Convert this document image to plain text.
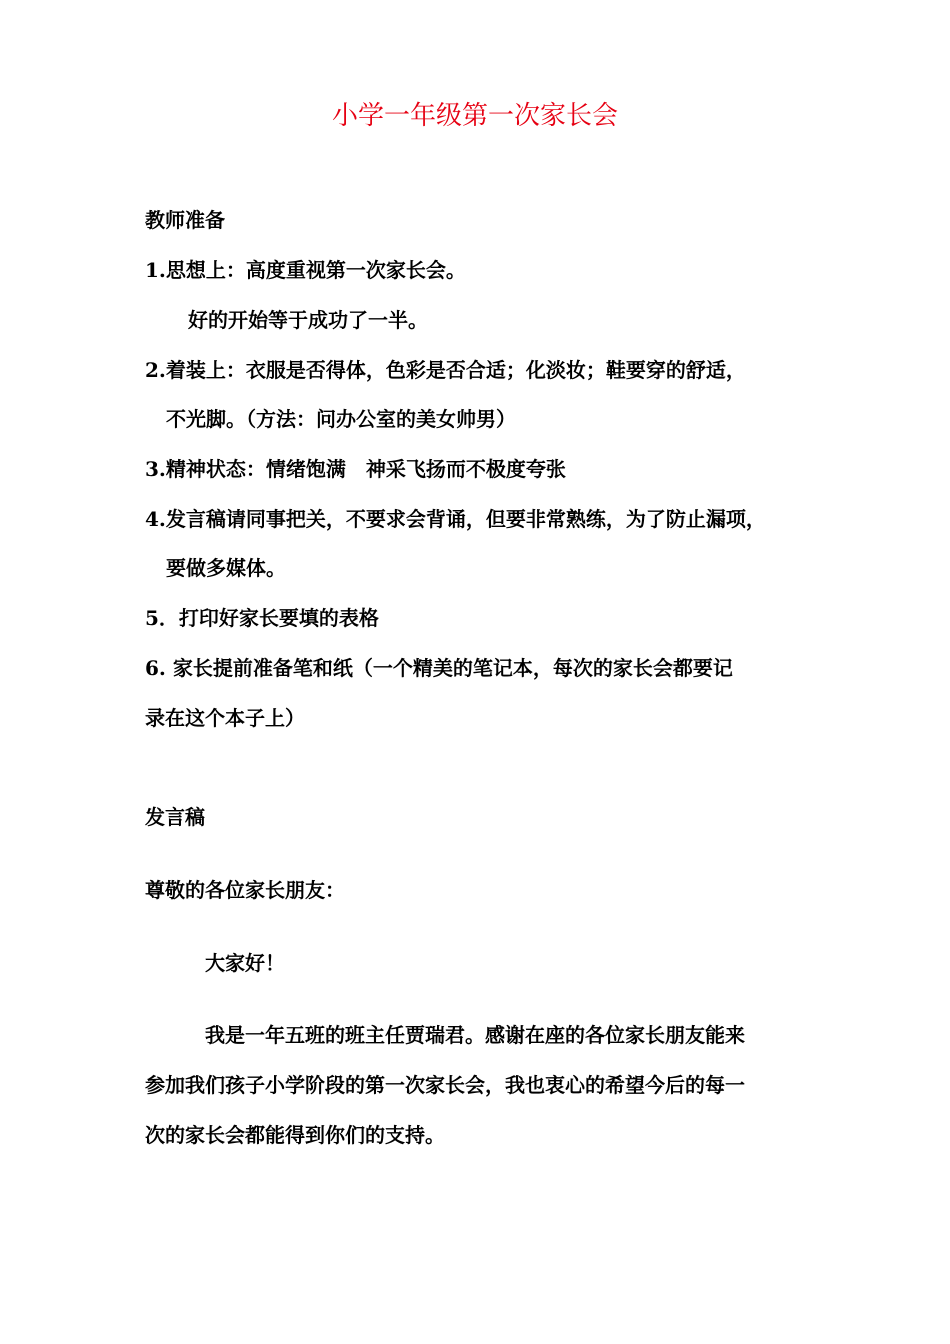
小学一年级第一次家长会
教师准备
1.思想上：高度重视第一次家长会。
好的开始等于成功了一半。
2.着装上：衣服是否得体，色彩是否合适；化淡妆；鞋要穿的舒适，
不光脚。（方法：问办公室的美女帅男）
3.精神状态：情绪饱满　神采飞扬而不极度夸张
4.发言稿请同事把关，不要求会背诵，但要非常熟练，为了防止漏项，
要做多媒体。
5．打印好家长要填的表格
6. 家长提前准备笔和纸（一个精美的笔记本，每次的家长会都要记
录在这个本子上）
发言稿
尊敬的各位家长朋友：
大家好！
我是一年五班的班主任贾瑞君。感谢在座的各位家长朋友能来
参加我们孩子小学阶段的第一次家长会，我也衷心的希望今后的每一
次的家长会都能得到你们的支持。
